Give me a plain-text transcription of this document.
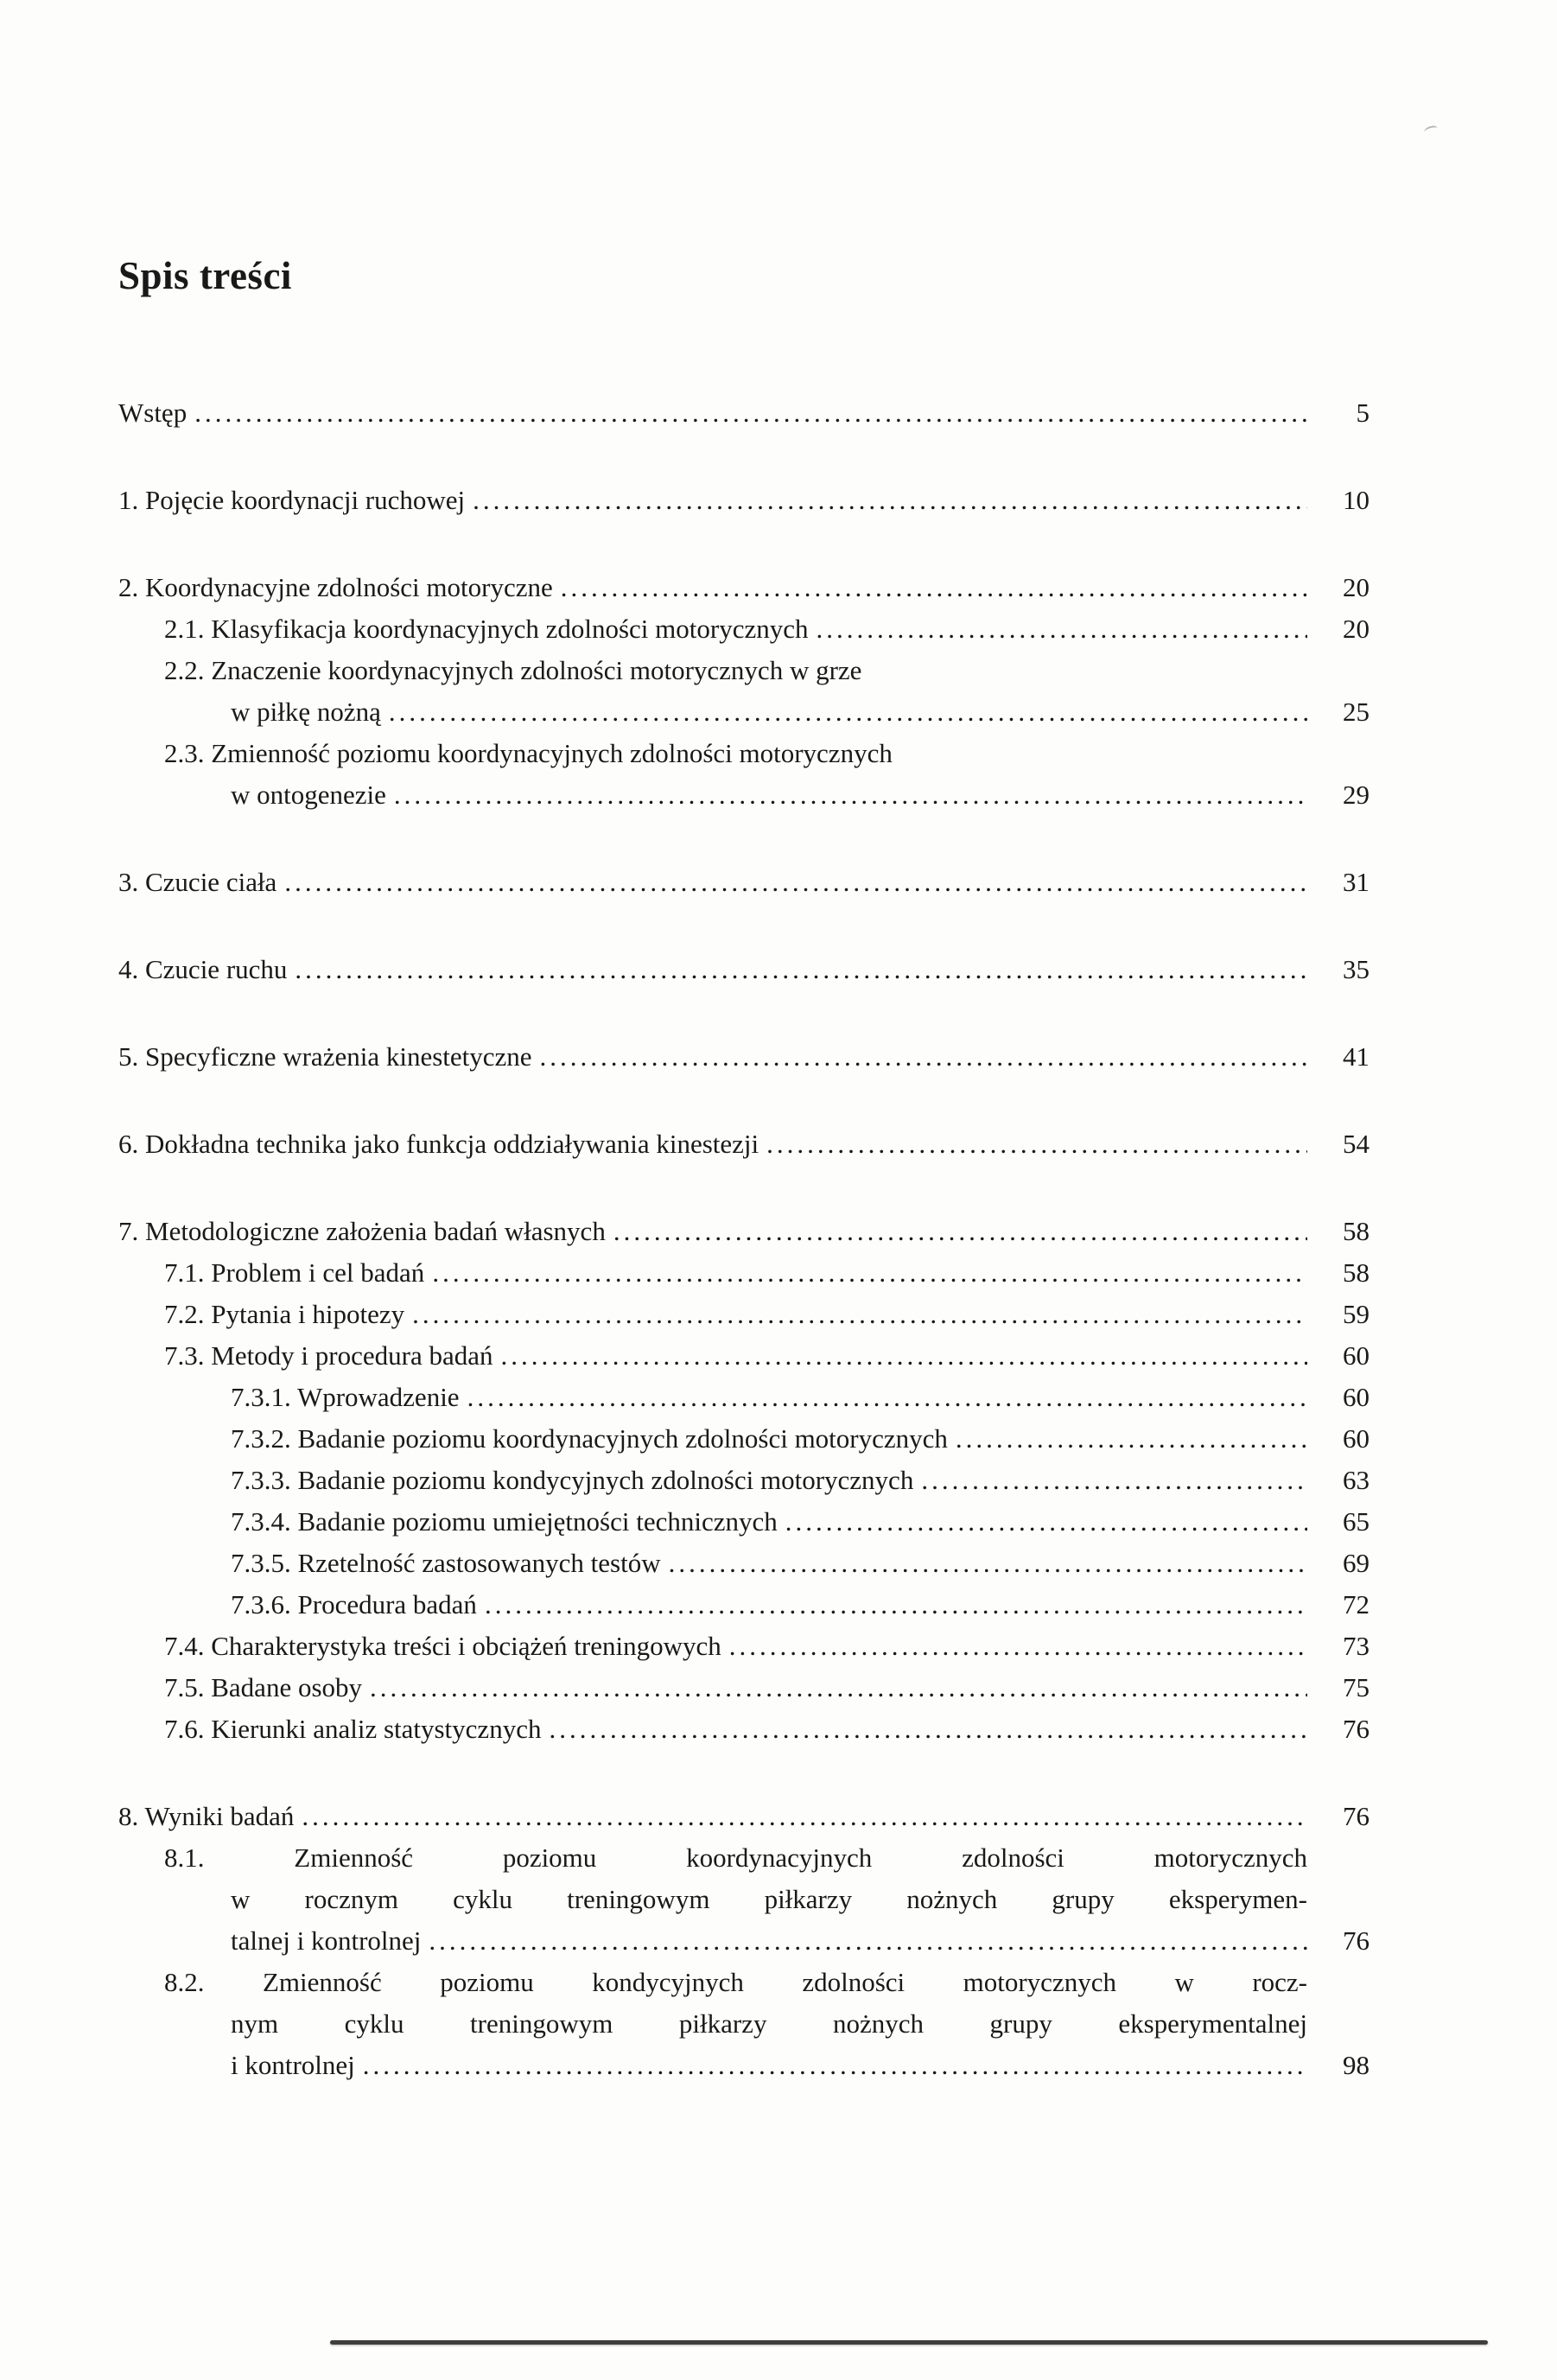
Spis treści
Wstęp .....	5
1. Pojęcie koordynacji ruchowej .....	10
2. Koordynacyjne zdolności motoryczne .....	20
2.1. Klasyfikacja koordynacyjnych zdolności motorycznych .....	20
2.2. Znaczenie koordynacyjnych zdolności motorycznych w grze
w piłkę nożną .....	25
2.3. Zmienność poziomu koordynacyjnych zdolności motorycznych
w ontogenezie .....	29
3. Czucie ciała .....	31
4. Czucie ruchu .....	35
5. Specyficzne wrażenia kinestetyczne .....	41
6. Dokładna technika jako funkcja oddziaływania kinestezji .....	54
7. Metodologiczne założenia badań własnych .....	58
7.1. Problem i cel badań .....	58
7.2. Pytania i hipotezy .....	59
7.3. Metody i procedura badań .....	60
7.3.1. Wprowadzenie .....	60
7.3.2. Badanie poziomu koordynacyjnych zdolności motorycznych .....	60
7.3.3. Badanie poziomu kondycyjnych zdolności motorycznych .....	63
7.3.4. Badanie poziomu umiejętności technicznych .....	65
7.3.5. Rzetelność zastosowanych testów .....	69
7.3.6. Procedura badań .....	72
7.4. Charakterystyka treści i obciążeń treningowych .....	73
7.5. Badane osoby .....	75
7.6. Kierunki analiz statystycznych .....	76
8. Wyniki badań .....	76
8.1. Zmienność poziomu koordynacyjnych zdolności motorycznych
w rocznym cyklu treningowym piłkarzy nożnych grupy eksperymen-
talnej i kontrolnej .....	76
8.2. Zmienność poziomu kondycyjnych zdolności motorycznych w rocz-
nym cyklu treningowym piłkarzy nożnych grupy eksperymentalnej
i kontrolnej .....	98
